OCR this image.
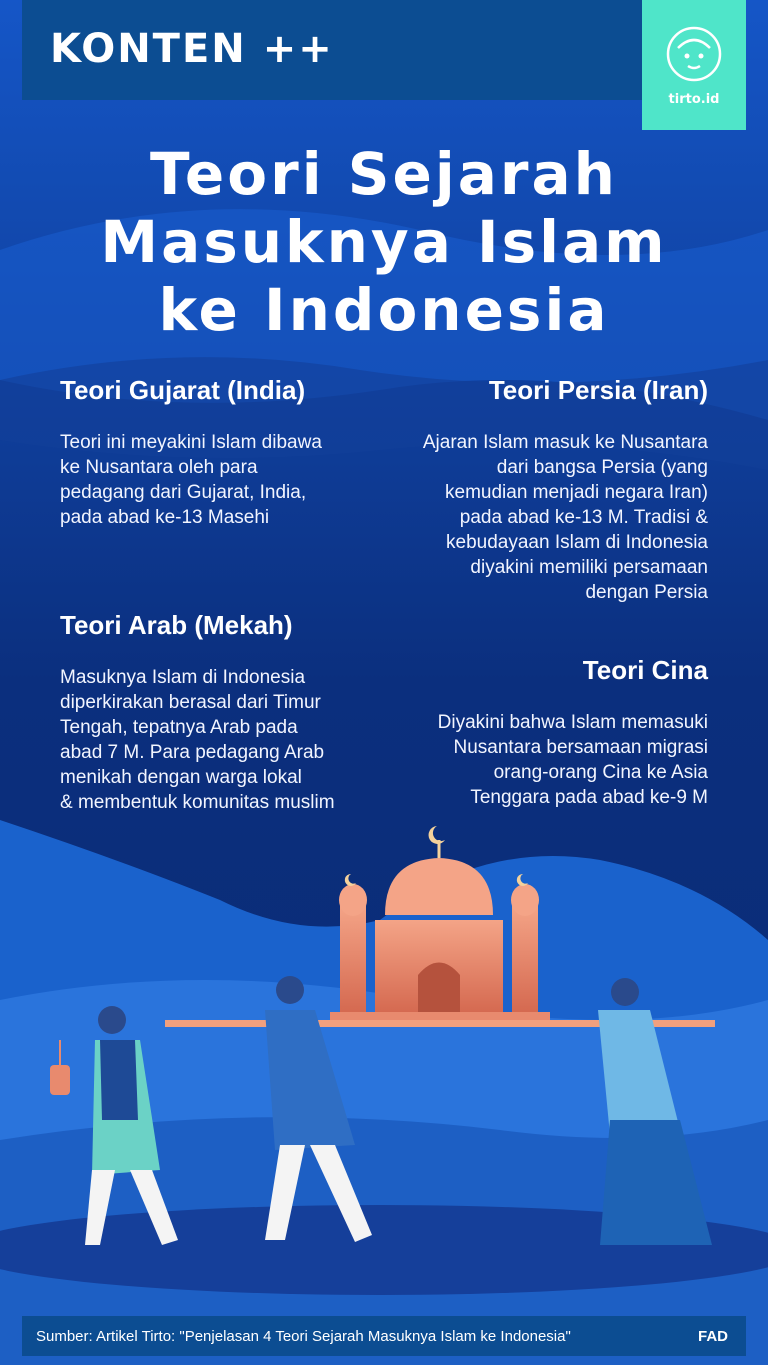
KONTEN ++
tirto.id
Teori Sejarah
Masuknya Islam
ke Indonesia
Teori Gujarat (India)

Teori ini meyakini Islam dibawa
ke Nusantara oleh para
pedagang dari Gujarat, India,
pada abad ke-13 Masehi

Teori Arab (Mekah)

Masuknya Islam di Indonesia
diperkirakan berasal dari Timur
Tengah, tepatnya Arab pada
abad 7 M. Para pedagang Arab
menikah dengan warga lokal
& membentuk komunitas muslim

Teori Persia (Iran)

Ajaran Islam masuk ke Nusantara
dari bangsa Persia (yang
kemudian menjadi negara Iran)
pada abad ke-13 M. Tradisi &
kebudayaan Islam di Indonesia
diyakini memiliki persamaan
dengan Persia

Teori Cina

Diyakini bahwa Islam memasuki
Nusantara bersamaan migrasi
orang-orang Cina ke Asia
Tenggara pada abad ke-9 M

Sumber: Artikel Tirto: "Penjelasan 4 Teori Sejarah Masuknya Islam ke Indonesia"	FAD
